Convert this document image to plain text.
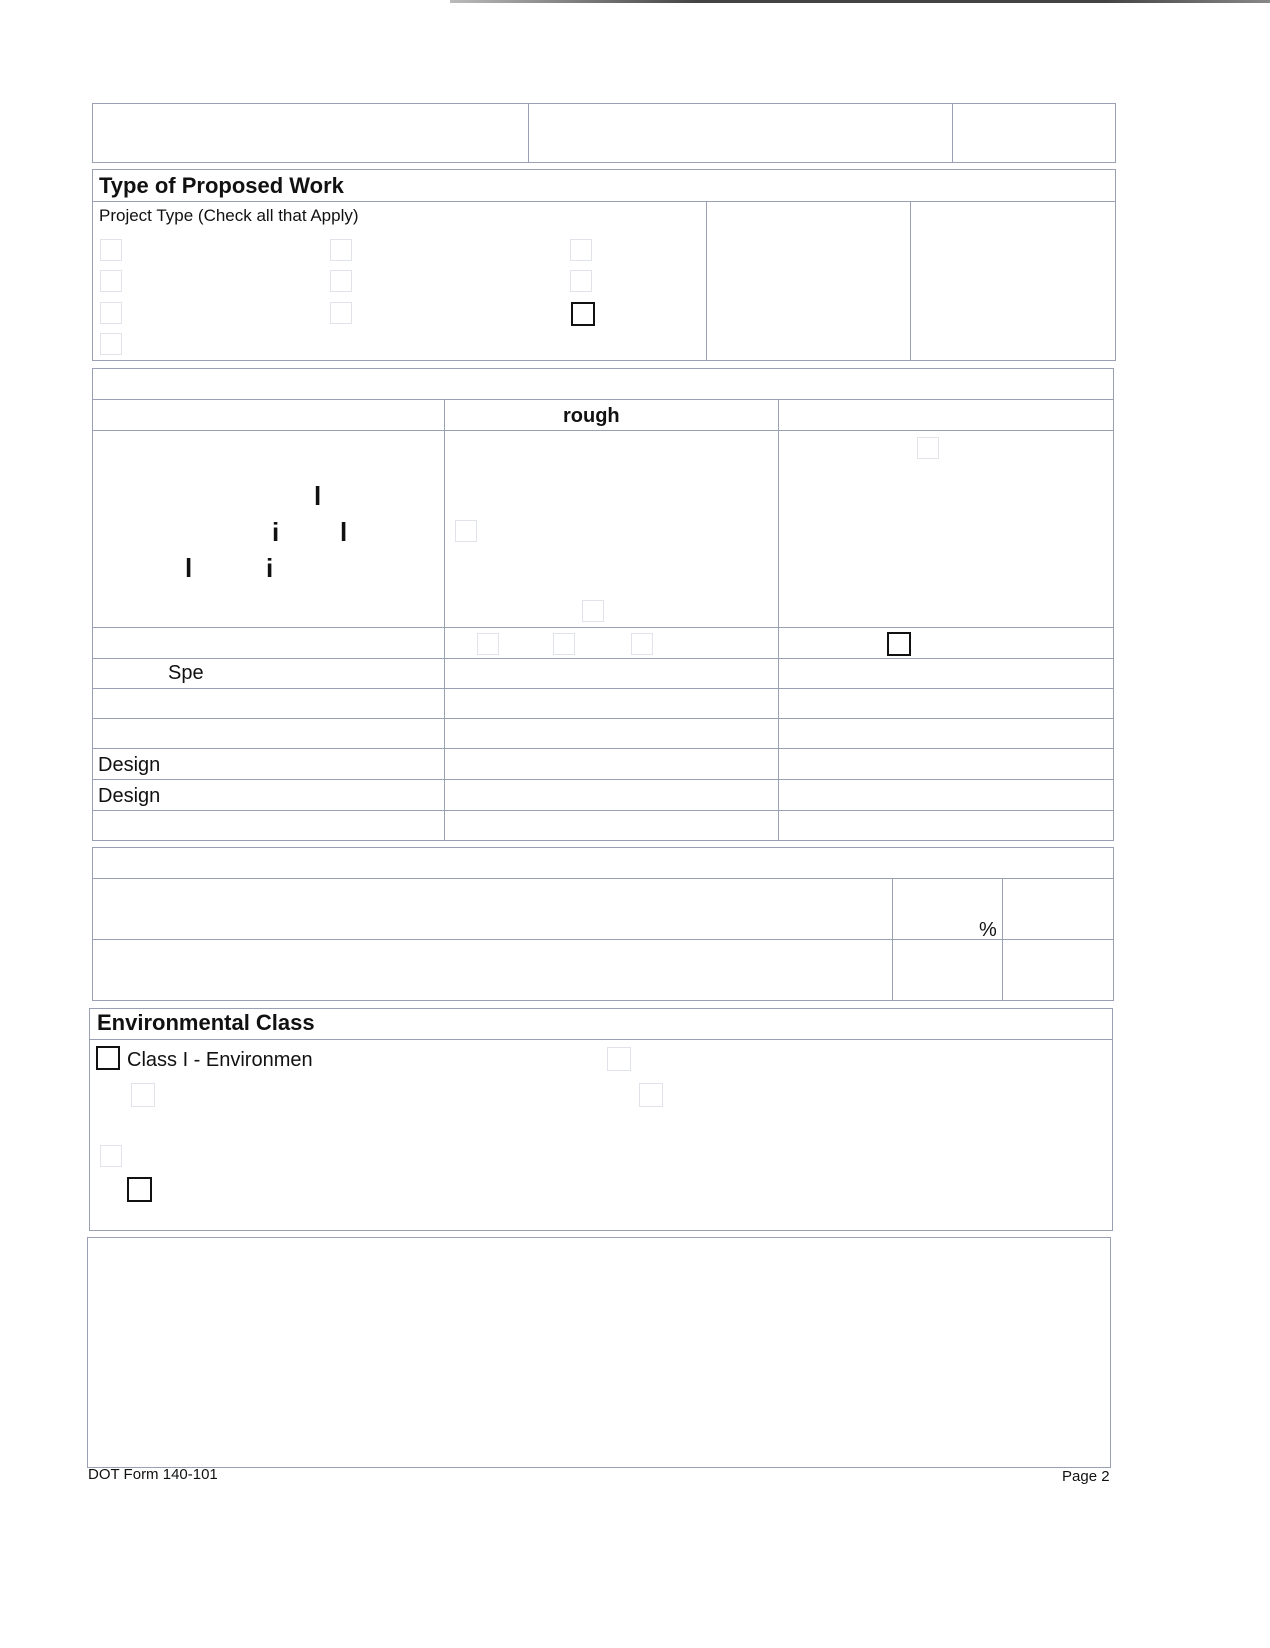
Type of Proposed Work
Project Type (Check all that Apply)
rough
l
i l
l	i
Spe
Design
Design
%
Environmental Class
Class I - Environmen
DOT Form 140-101	Page 2
